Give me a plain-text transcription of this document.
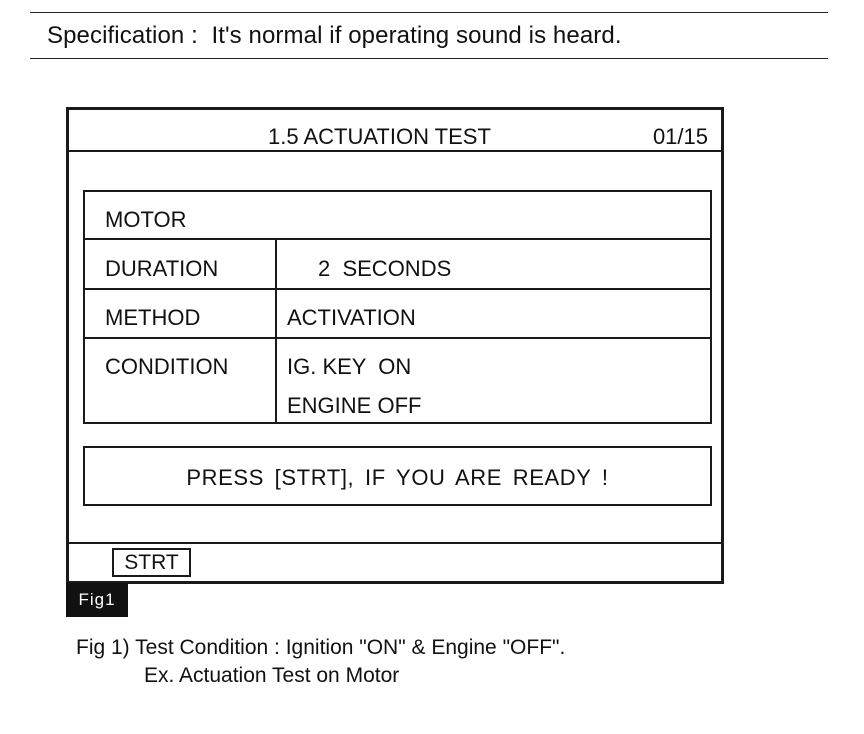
Specification :  It's normal if operating sound is heard.
1.5 ACTUATION TEST	01/15
MOTOR
DURATION	2  SECONDS
METHOD	ACTIVATION
CONDITION	IG. KEY  ON
ENGINE OFF
PRESS [STRT], IF YOU ARE READY !
STRT
Fig1
Fig 1) Test Condition : Ignition "ON" & Engine "OFF".
Ex. Actuation Test on Motor
